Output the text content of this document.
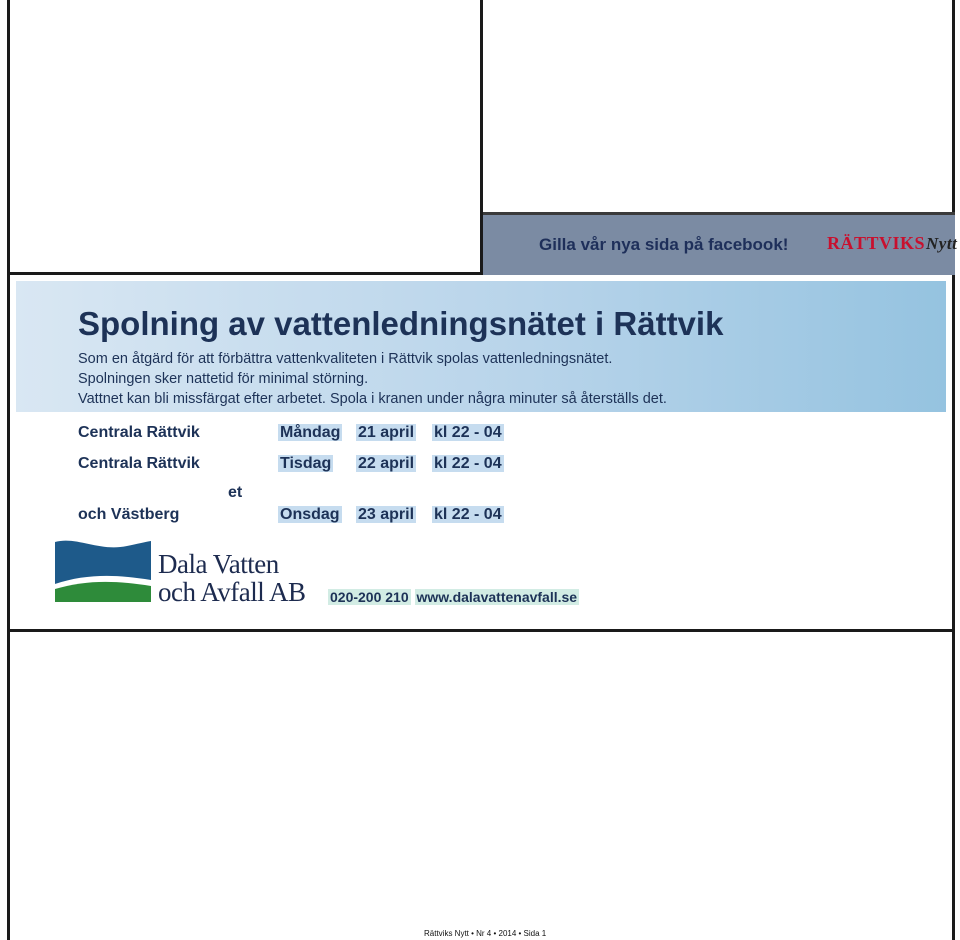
Gilla vår nya sida på facebook! RÄTTVIKSNytt
Spolning av vattenledningsnätet i Rättvik
Som en åtgärd för att förbättra vattenkvaliteten i Rättvik spolas vattenledningsnätet.
Spolningen sker nattetid för minimal störning.
Vattnet kan bli missfärgat efter arbetet. Spola i kranen under några minuter så återställs det.
Centrala Rättvik	Måndag 21 april kl 22 - 04
Centrala Rättvik	Tisdag 22 april kl 22 - 04
et
och Västberg	Onsdag 23 april kl 22 - 04
Dala Vatten
och Avfall AB 020-200 210 www.dalavattenavfall.se
Rättviks Nytt • Nr 4 • 2014 • Sida 1
